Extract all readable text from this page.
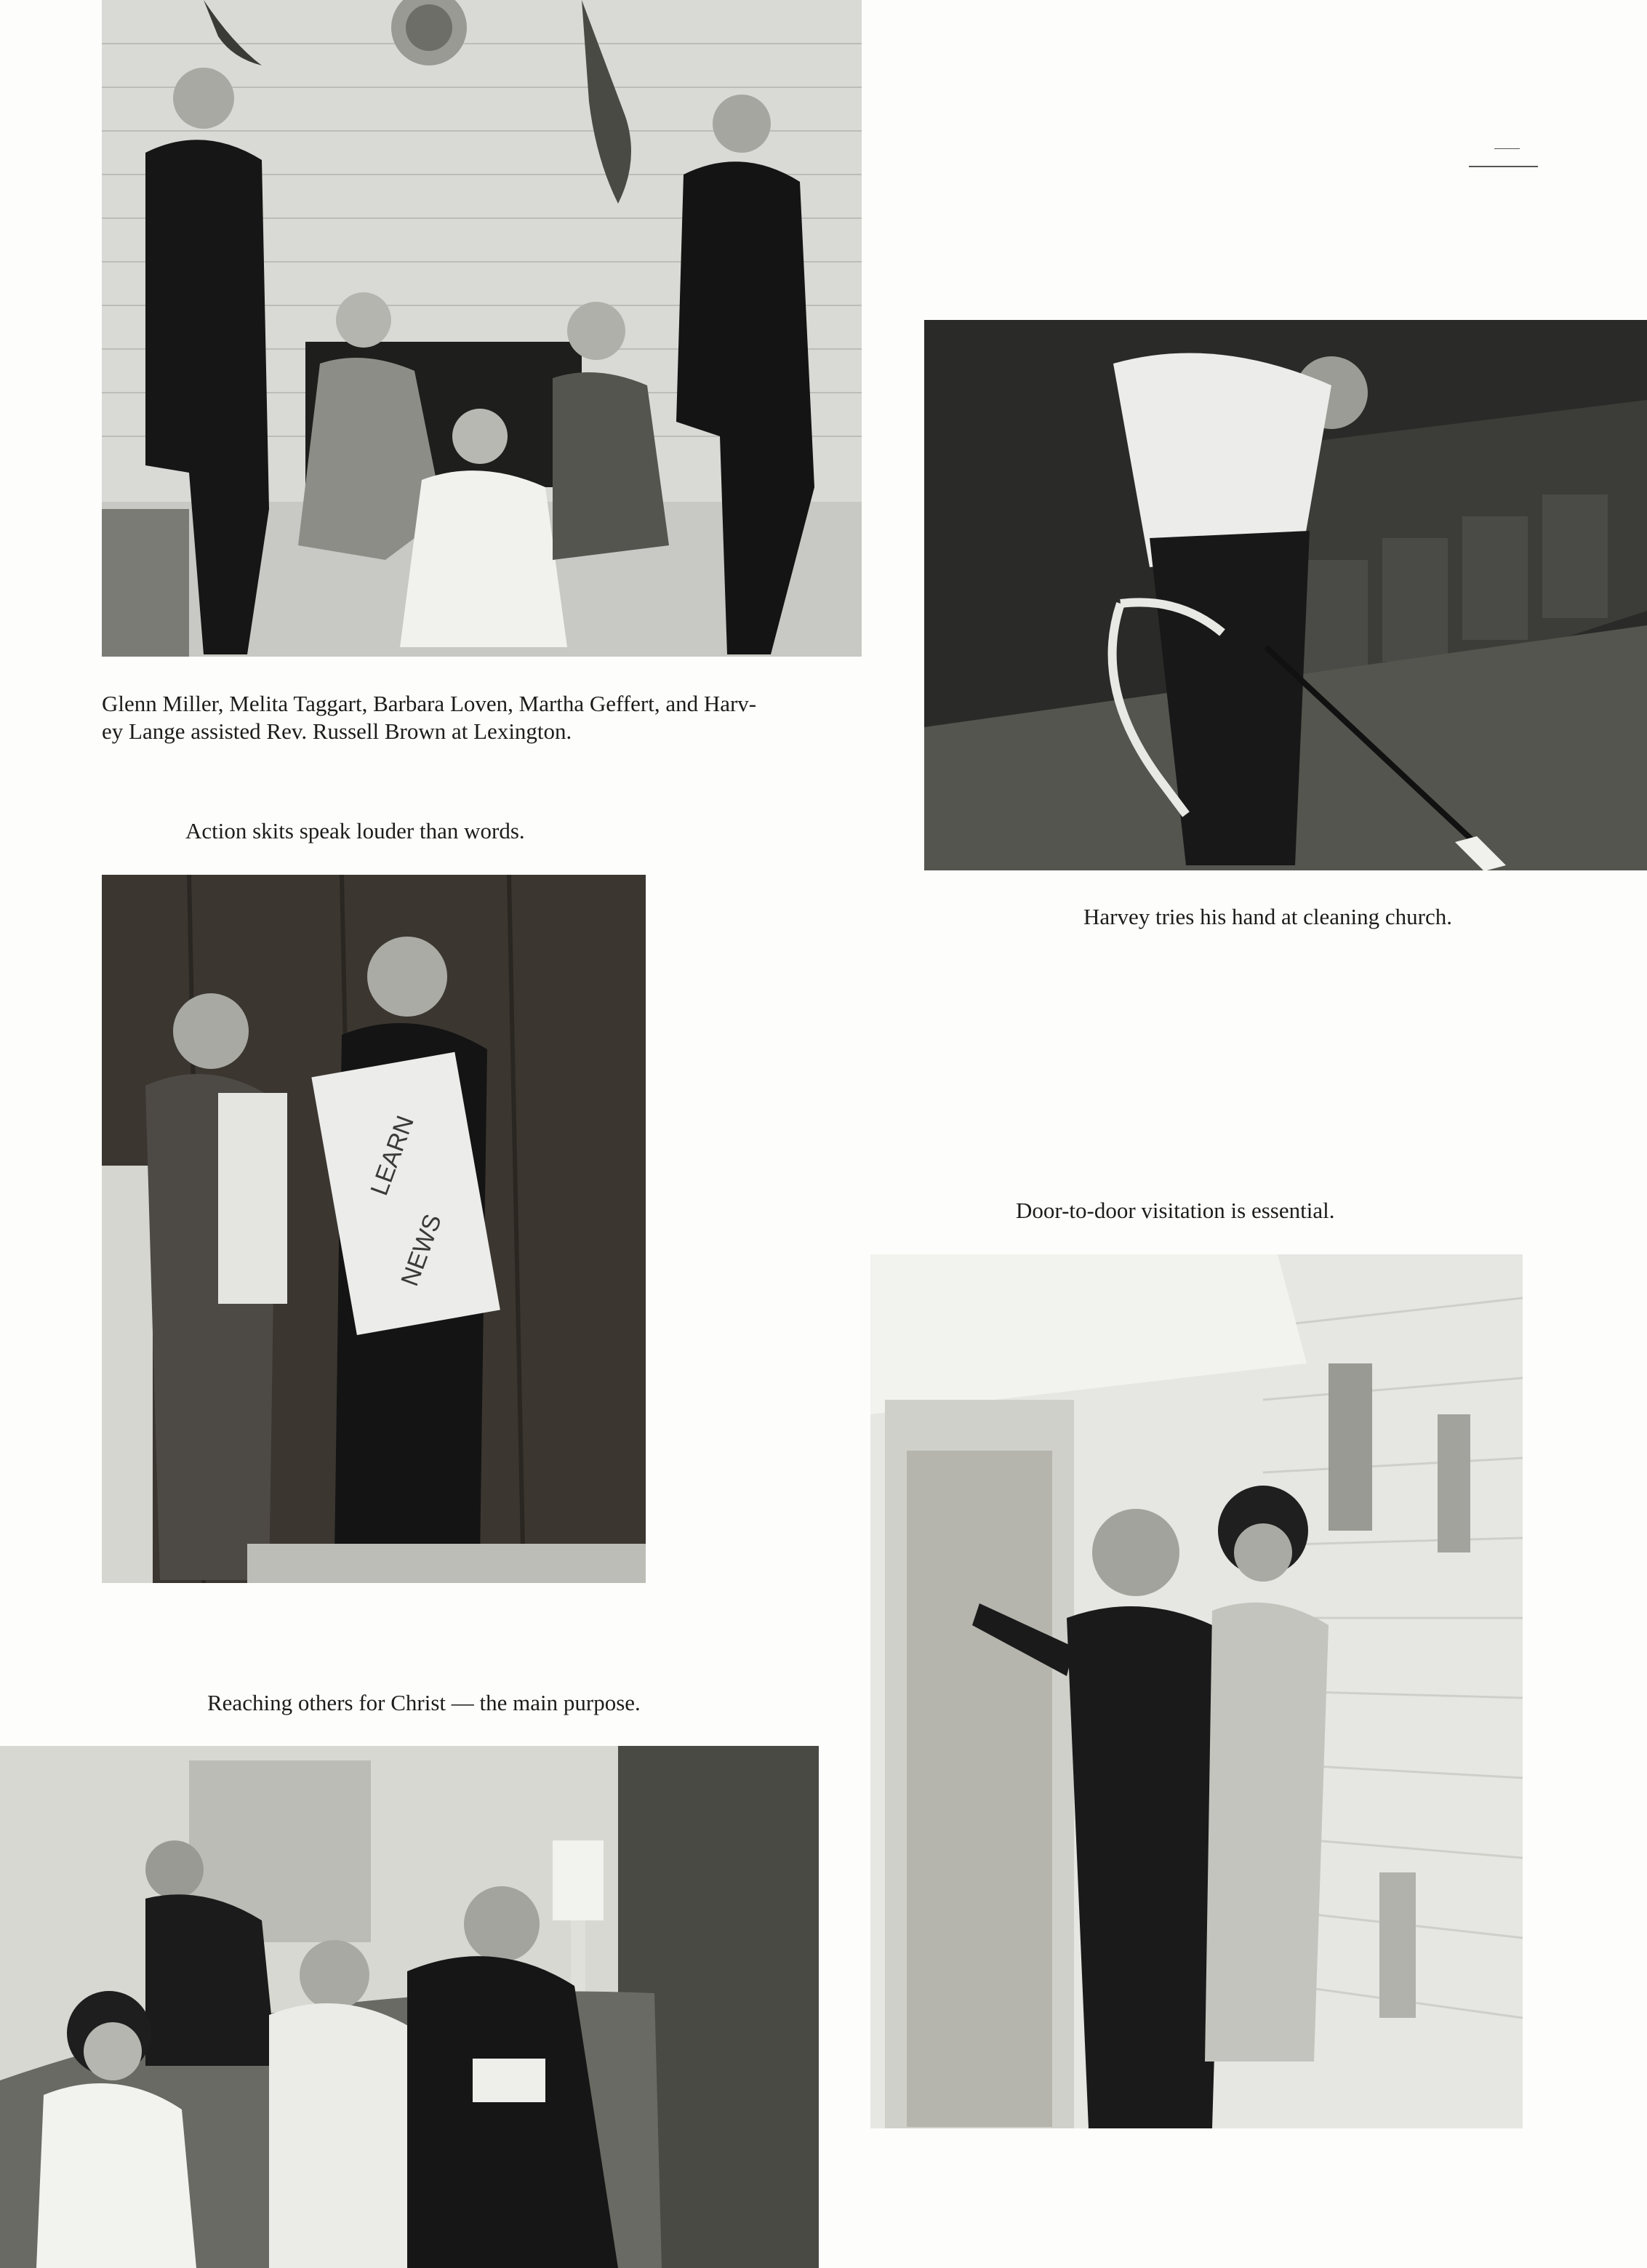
Glenn Miller, Melita Taggart, Barbara Loven, Martha Geffert, and Harv-
ey Lange assisted Rev. Russell Brown at Lexington.
Action skits speak louder than words.
Harvey tries his hand at cleaning church.
LEARN
NEWS
Door-to-door visitation is essential.
Reaching others for Christ — the main purpose.
